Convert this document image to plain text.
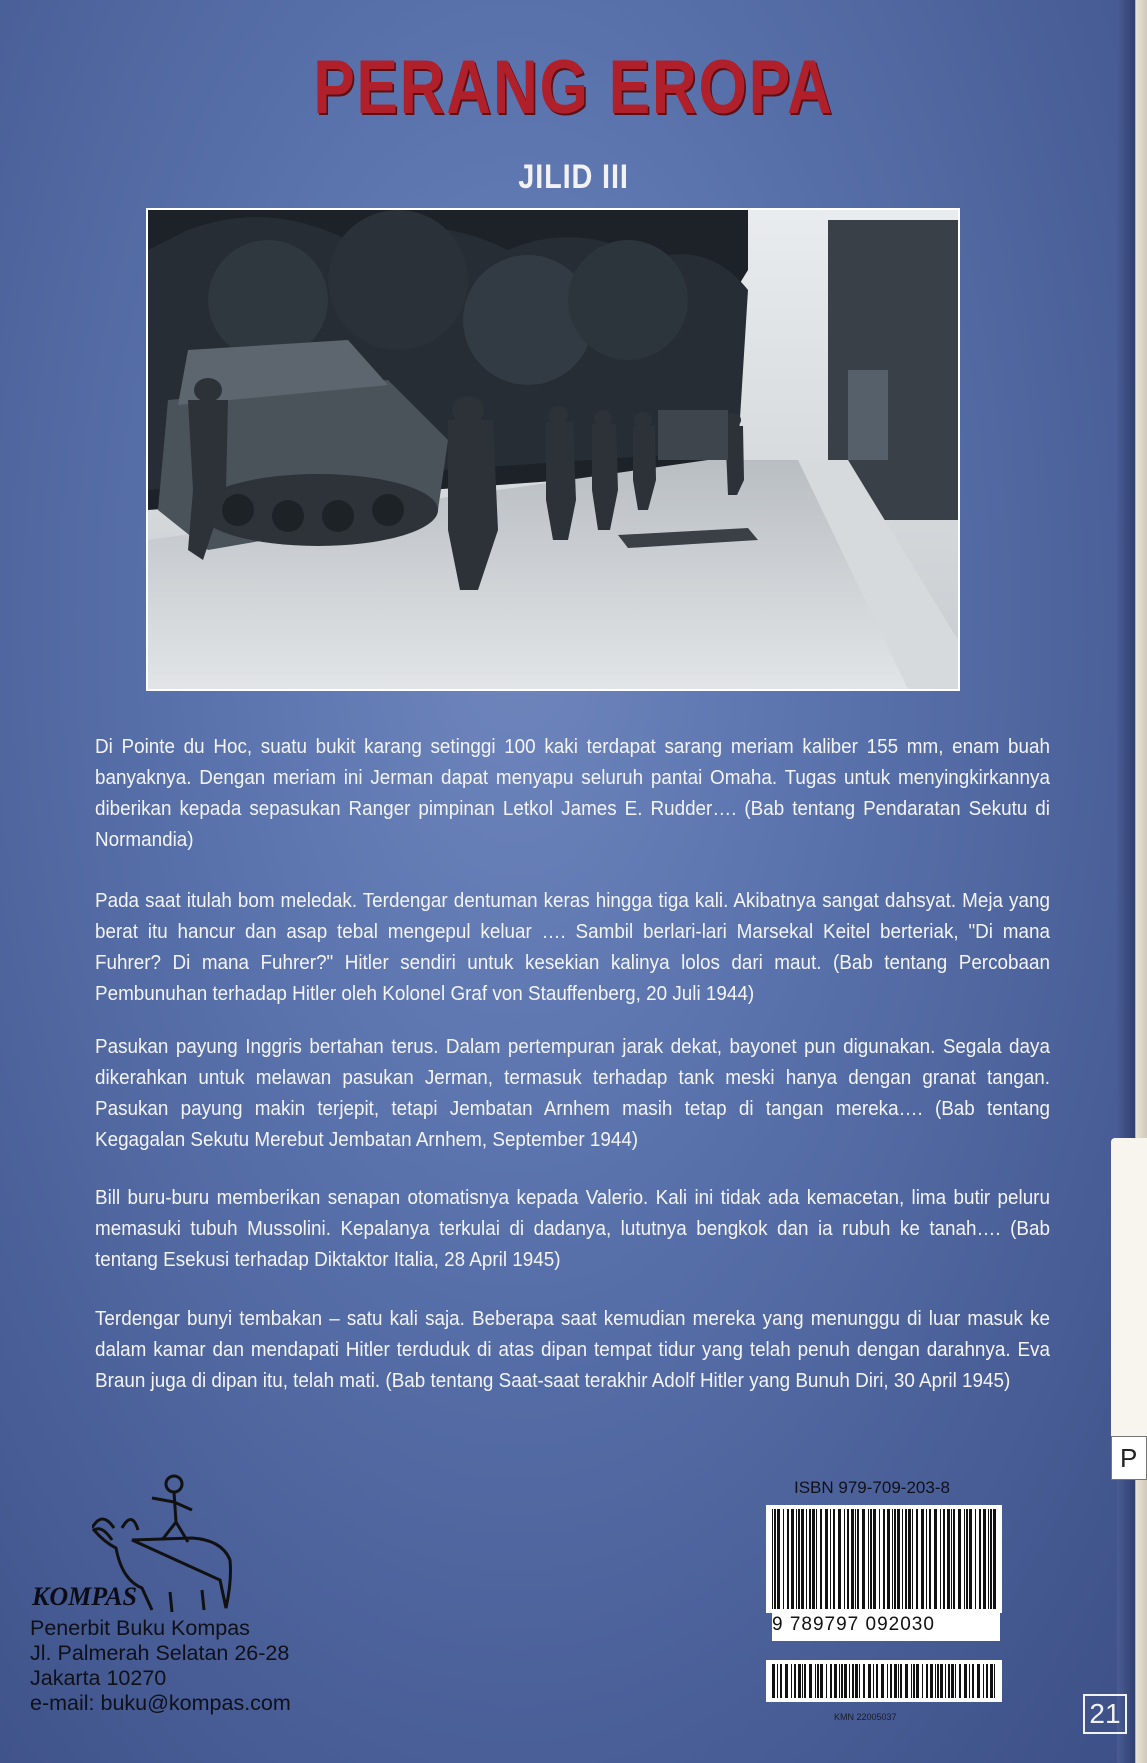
PERANG EROPA
JILID III
Di Pointe du Hoc, suatu bukit karang setinggi 100 kaki terdapat sarang meriam kaliber 155 mm, enam buah banyaknya. Dengan meriam ini Jerman dapat menyapu seluruh pantai Omaha. Tugas untuk menyingkirkannya diberikan kepada sepasukan Ranger pimpinan Letkol James E. Rudder…. (Bab tentang Pendaratan Sekutu di Normandia)
Pada saat itulah bom meledak. Terdengar dentuman keras hingga tiga kali. Akibatnya sangat dahsyat. Meja yang berat itu hancur dan asap tebal mengepul keluar …. Sambil berlari-lari Marsekal Keitel berteriak, "Di mana Fuhrer? Di mana Fuhrer?" Hitler sendiri untuk kesekian kalinya lolos dari maut. (Bab tentang Percobaan Pembunuhan terhadap Hitler oleh Kolonel Graf von Stauffenberg, 20 Juli 1944)
Pasukan payung Inggris bertahan terus. Dalam pertempuran jarak dekat, bayonet pun digunakan. Segala daya dikerahkan untuk melawan pasukan Jerman, termasuk terhadap tank meski hanya dengan granat tangan. Pasukan payung makin terjepit, tetapi Jembatan Arnhem masih tetap di tangan mereka…. (Bab tentang Kegagalan Sekutu Merebut Jembatan Arnhem, September 1944)
Bill buru-buru memberikan senapan otomatisnya kepada Valerio. Kali ini tidak ada kemacetan, lima butir peluru memasuki tubuh Mussolini. Kepalanya terkulai di dadanya, lututnya bengkok dan ia rubuh ke tanah…. (Bab tentang Esekusi terhadap Diktaktor Italia, 28 April 1945)
Terdengar bunyi tembakan – satu kali saja. Beberapa saat kemudian mereka yang menunggu di luar masuk ke dalam kamar dan mendapati Hitler terduduk di atas dipan tempat tidur yang telah penuh dengan darahnya. Eva Braun juga di dipan itu, telah mati. (Bab tentang Saat-saat terakhir Adolf Hitler yang Bunuh Diri, 30 April 1945)
P
KOMPAS
Penerbit Buku Kompas
Jl. Palmerah Selatan 26-28
Jakarta 10270
e-mail: buku@kompas.com
ISBN 979-709-203-8
9 789797 092030
KMN 22005037	21
